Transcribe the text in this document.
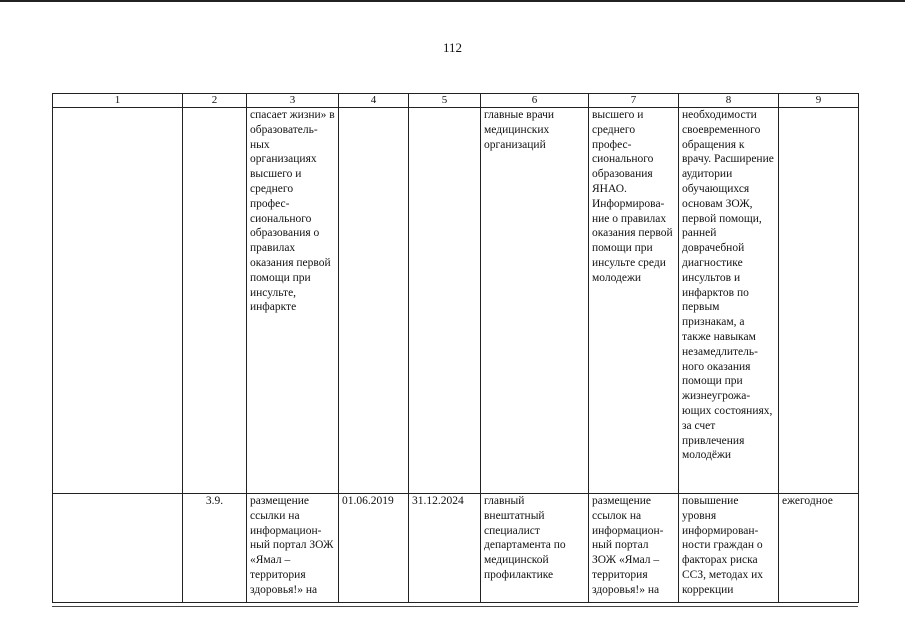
112
1	2	3	4	5	6	7	8	9
		спасает жизни» в образователь-ных организациях высшего и среднего профес-сионального образования о правилах оказания первой помощи при инсульте, инфаркте			главные врачи медицинских организаций	высшего и среднего профес-сионального образования ЯНАО. Информирова-ние о правилах оказания первой помощи при инсульте среди молодежи	необходимости своевременного обращения к врачу. Расширение аудитории обучающихся основам ЗОЖ, первой помощи, ранней доврачебной диагностике инсультов и инфарктов по первым признакам, а также навыкам незамедлитель-ного оказания помощи при жизнеугрожа-ющих состояниях, за счет привлечения молодёжи	
	3.9.	размещение ссылки на информацион-ный портал ЗОЖ «Ямал – территория здоровья!» на	01.06.2019	31.12.2024	главный внештатный специалист департамента по медицинской профилактике	размещение ссылок на информацион-ный портал ЗОЖ «Ямал – территория здоровья!» на	повышение уровня информирован-ности граждан о факторах риска ССЗ, методах их коррекции	ежегодное
